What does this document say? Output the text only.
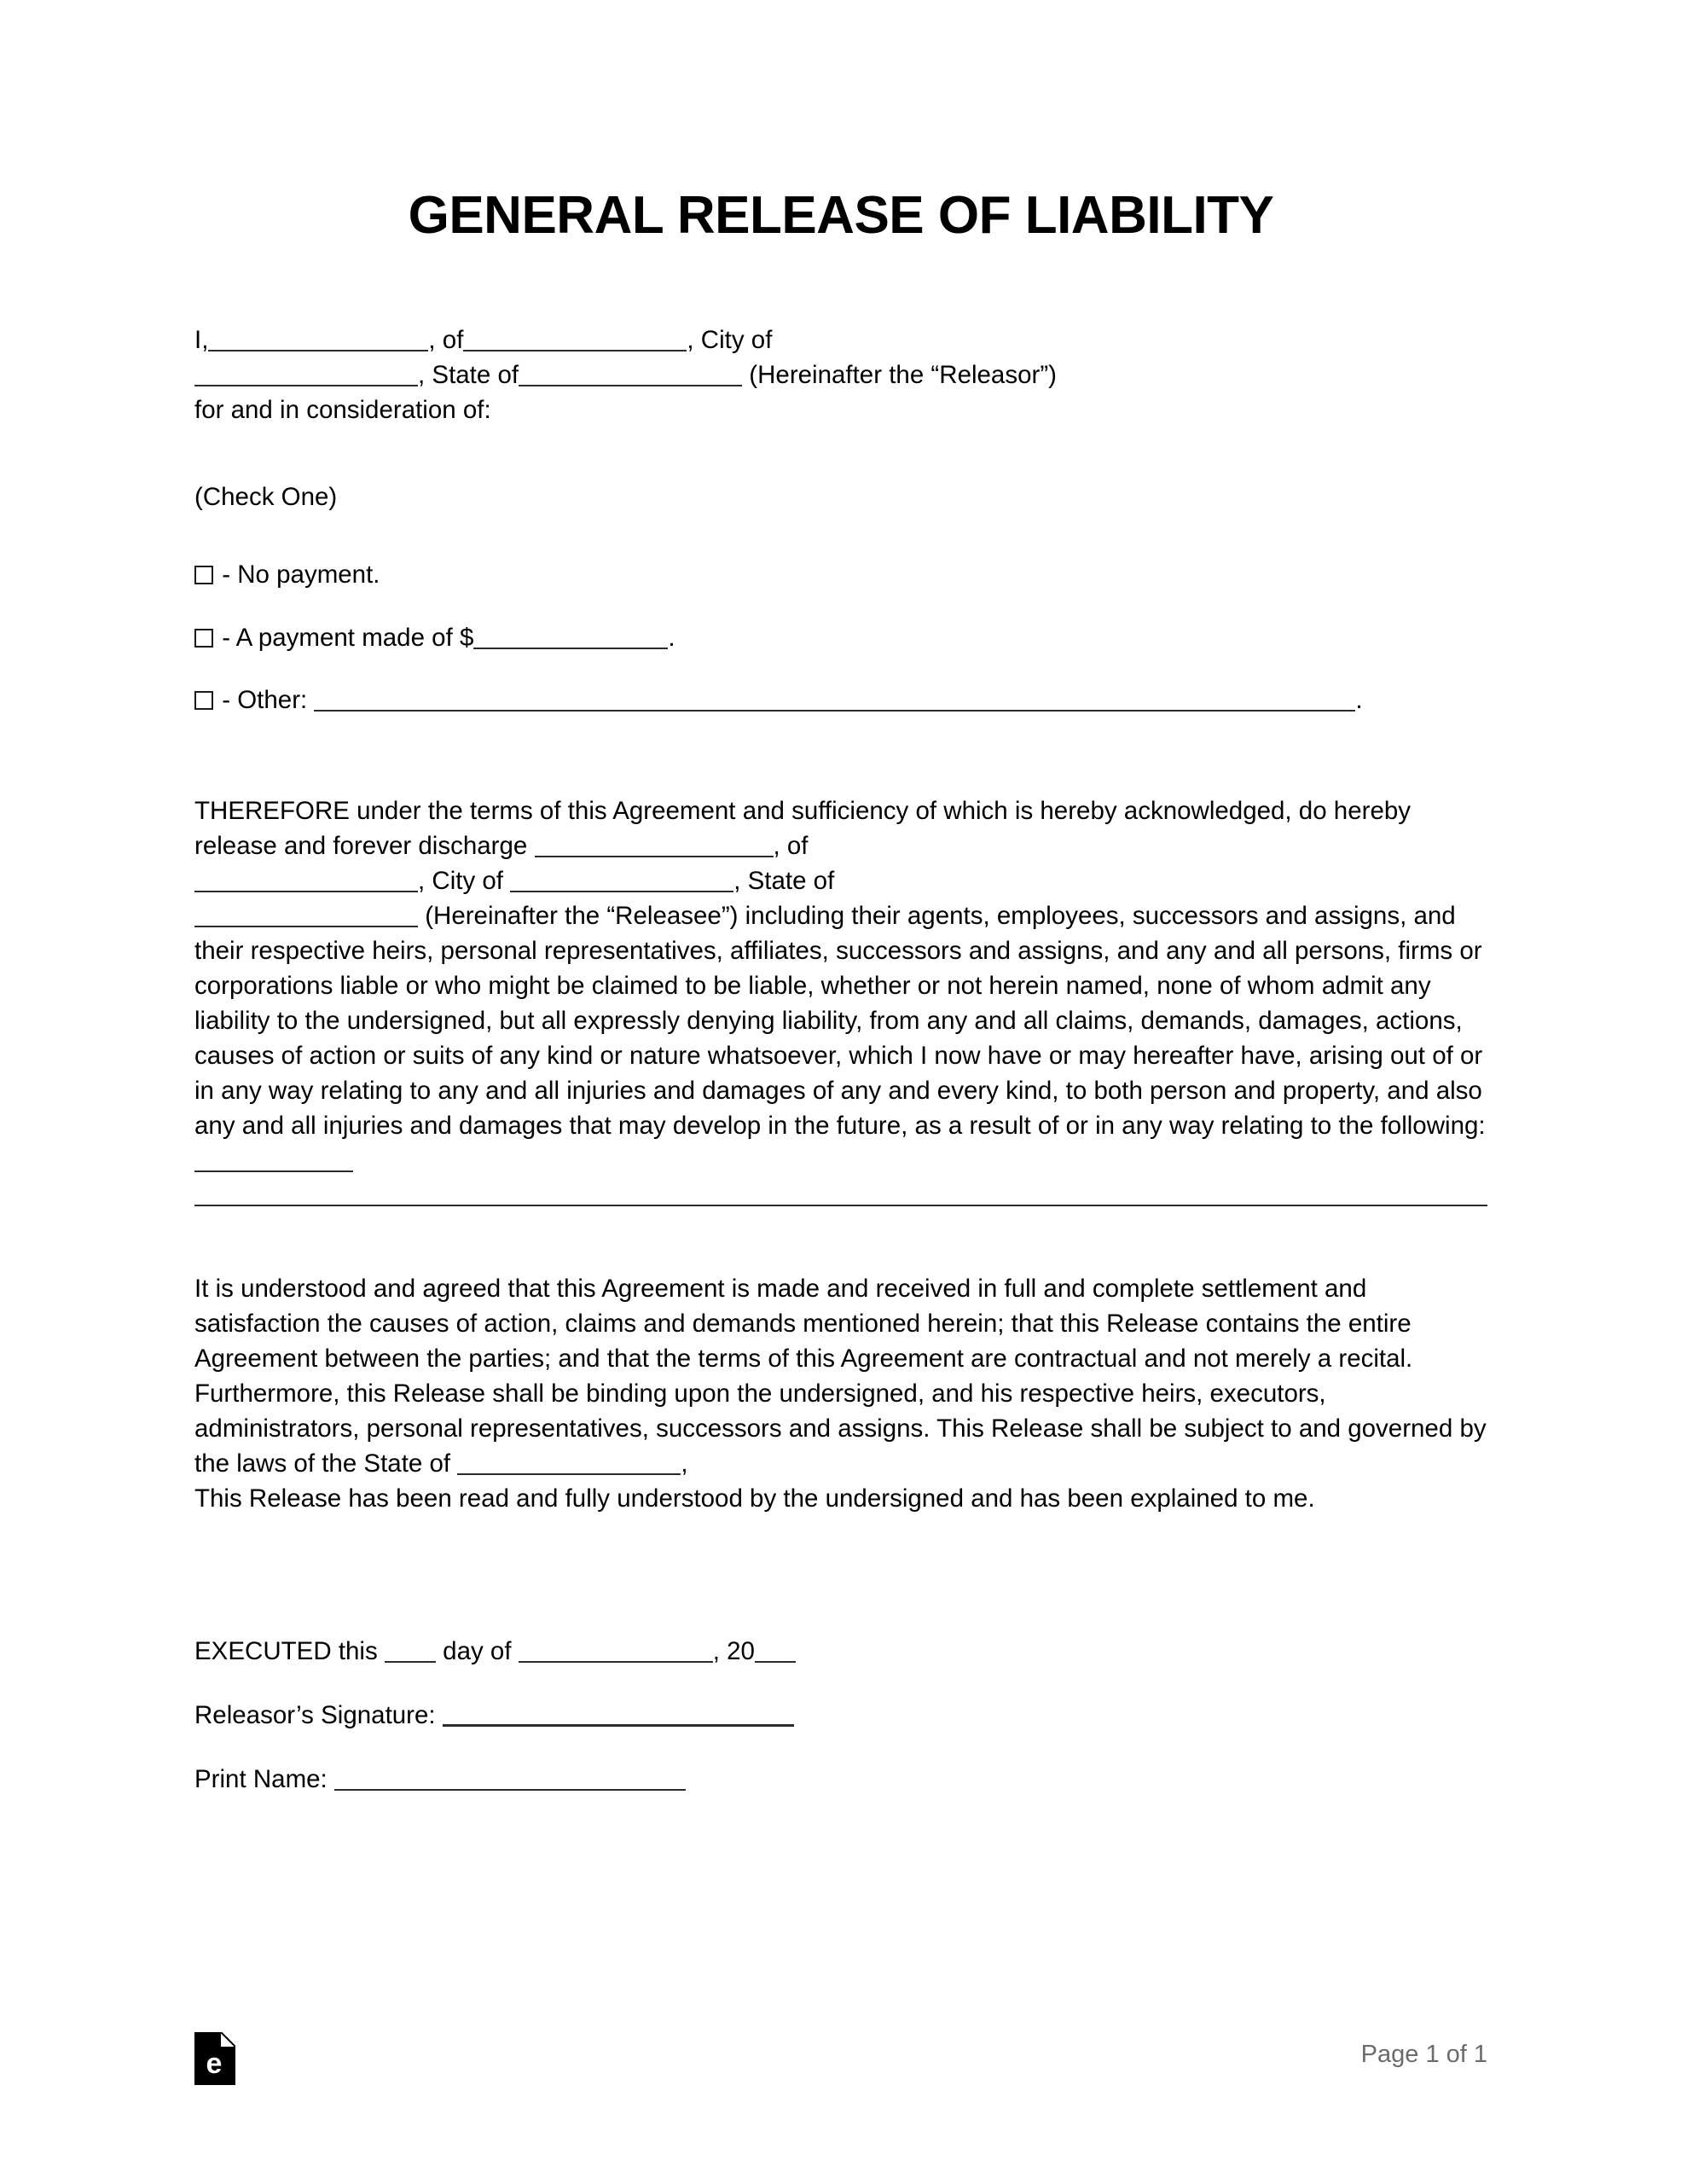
GENERAL RELEASE OF LIABILITY

I,	, of	, City of
, State of	(Hereinafter the “Releasor”)
for and in consideration of:

(Check One)

- No payment.

- A payment made of $	.

- Other:	.

THEREFORE under the terms of this Agreement and sufficiency of which is hereby acknowledged, do hereby release and forever discharge	, of
, City of	, State of
(Hereinafter the “Releasee”) including their agents, employees, successors and assigns, and their respective heirs, personal representatives, affiliates, successors and assigns, and any and all persons, firms or corporations liable or who might be claimed to be liable, whether or not herein named, none of whom admit any liability to the undersigned, but all expressly denying liability, from any and all claims, demands, damages, actions, causes of action or suits of any kind or nature whatsoever, which I now have or may hereafter have, arising out of or in any way relating to any and all injuries and damages of any and every kind, to both person and property, and also any and all injuries and damages that may develop in the future, as a result of or in any way relating to the following:

It is understood and agreed that this Agreement is made and received in full and complete settlement and satisfaction the causes of action, claims and demands mentioned herein; that this Release contains the entire Agreement between the parties; and that the terms of this Agreement are contractual and not merely a recital. Furthermore, this Release shall be binding upon the undersigned, and his respective heirs, executors, administrators, personal representatives, successors and assigns. This Release shall be subject to and governed by the laws of the State of	,
This Release has been read and fully understood by the undersigned and has been explained to me.

EXECUTED this	day of	, 20

Releasor’s Signature:

Print Name:

e	Page 1 of 1
